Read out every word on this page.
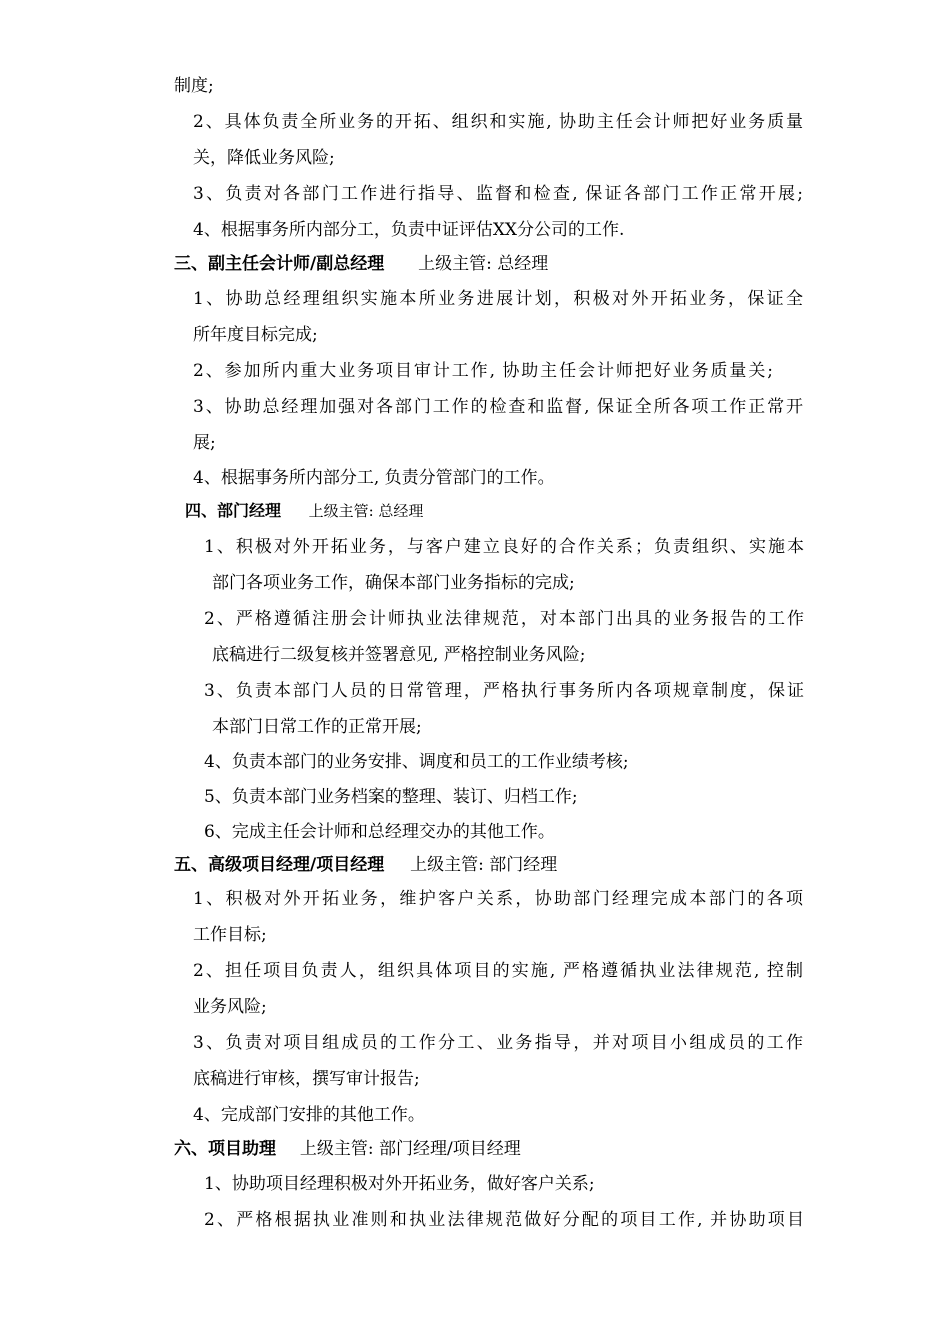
制度;
2、具体负责全所业务的开拓、组织和实施, 协助主任会计师把好业务质量
关，降低业务风险;
3、负责对各部门工作进行指导、监督和检查, 保证各部门工作正常开展;
4、根据事务所内部分工，负责中证评估XX分公司的工作.
三、副主任会计师/副总经理 上级主管: 总经理
1、协助总经理组织实施本所业务进展计划，积极对外开拓业务，保证全
所年度目标完成;
2、参加所内重大业务项目审计工作, 协助主任会计师把好业务质量关;
3、协助总经理加强对各部门工作的检查和监督, 保证全所各项工作正常开
展;
4、根据事务所内部分工, 负责分管部门的工作。
四、部门经理 上级主管: 总经理
1、积极对外开拓业务，与客户建立良好的合作关系；负责组织、实施本
部门各项业务工作，确保本部门业务指标的完成;
2、严格遵循注册会计师执业法律规范，对本部门出具的业务报告的工作
底稿进行二级复核并签署意见, 严格控制业务风险;
3、负责本部门人员的日常管理，严格执行事务所内各项规章制度，保证
本部门日常工作的正常开展;
4、负责本部门的业务安排、调度和员工的工作业绩考核;
5、负责本部门业务档案的整理、装订、归档工作;
6、完成主任会计师和总经理交办的其他工作。
五、高级项目经理/项目经理 上级主管: 部门经理
1、积极对外开拓业务，维护客户关系，协助部门经理完成本部门的各项
工作目标;
2、担任项目负责人，组织具体项目的实施, 严格遵循执业法律规范, 控制
业务风险;
3、负责对项目组成员的工作分工、业务指导，并对项目小组成员的工作
底稿进行审核，撰写审计报告;
4、完成部门安排的其他工作。
六、项目助理 上级主管: 部门经理/项目经理
1、协助项目经理积极对外开拓业务，做好客户关系;
2、严格根据执业准则和执业法律规范做好分配的项目工作, 并协助项目
